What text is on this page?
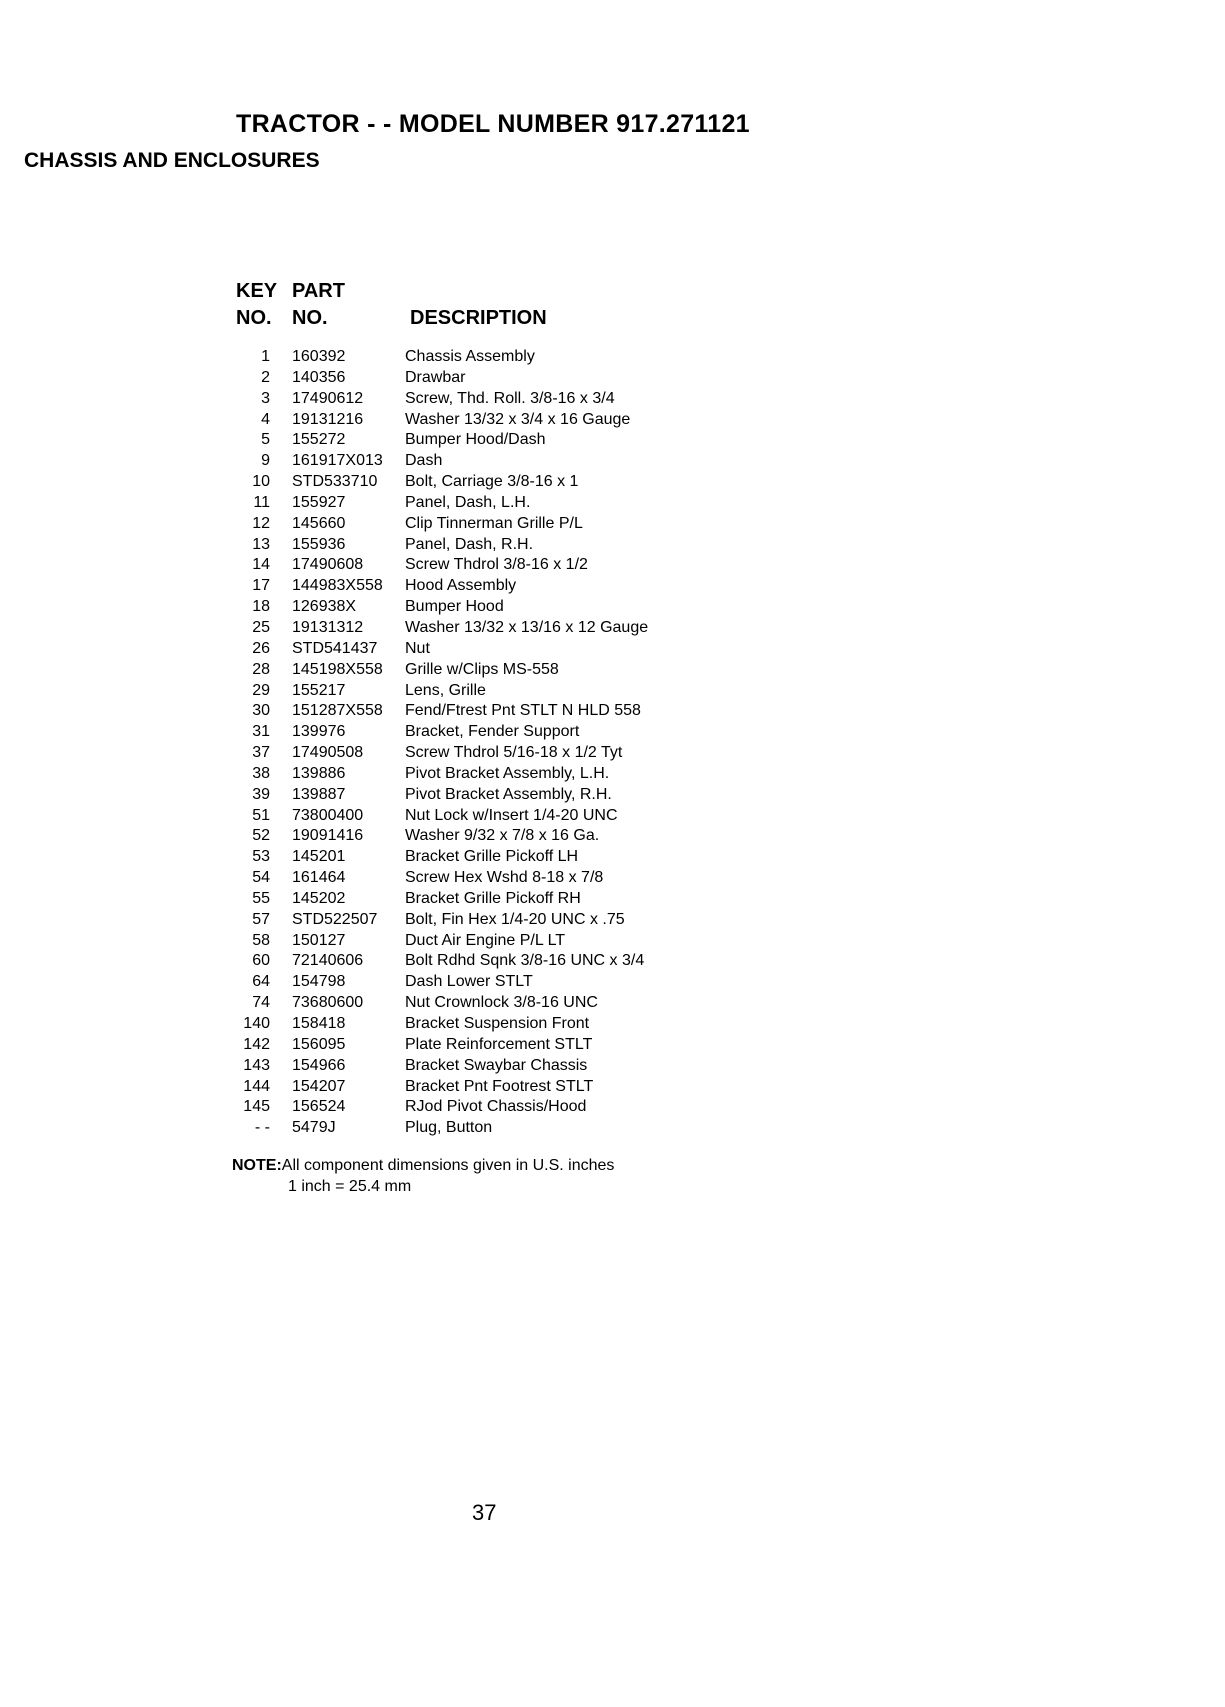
TRACTOR - - MODEL NUMBER 917.271121
CHASSIS AND ENCLOSURES
KEY
NO.
PART
NO.	DESCRIPTION
1 160392	Chassis Assembly
2 140356	Drawbar
3 17490612	Screw, Thd. Roll. 3/8-16 x 3/4
4 19131216	Washer 13/32 x 3/4 x 16 Gauge
5 155272	Bumper Hood/Dash
9 161917X013 Dash
10 STD533710 Bolt, Carriage 3/8-16 x 1
11 155927	Panel, Dash, L.H.
12 145660	Clip Tinnerman Grille P/L
13 155936	Panel, Dash, R.H.
14 17490608	Screw Thdrol 3/8-16 x 1/2
17 144983X558 Hood Assembly
18 126938X	Bumper Hood
25 19131312	Washer 13/32 x 13/16 x 12 Gauge
26 STD541437 Nut
28 145198X558 Grille w/Clips MS-558
29 155217	Lens, Grille
30 151287X558 Fend/Ftrest Pnt STLT N HLD 558
31 139976	Bracket, Fender Support
37 17490508	Screw Thdrol 5/16-18 x 1/2 Tyt
38 139886	Pivot Bracket Assembly, L.H.
39 139887	Pivot Bracket Assembly, R.H.
51 73800400	Nut Lock w/Insert 1/4-20 UNC
52 19091416	Washer 9/32 x 7/8 x 16 Ga.
53 145201	Bracket Grille Pickoff LH
54 161464	Screw Hex Wshd 8-18 x 7/8
55 145202	Bracket Grille Pickoff RH
57 STD522507 Bolt, Fin Hex 1/4-20 UNC x .75
58 150127	Duct Air Engine P/L LT
60 72140606	Bolt Rdhd Sqnk 3/8-16 UNC x 3/4
64 154798	Dash Lower STLT
74 73680600	Nut Crownlock 3/8-16 UNC
140 158418	Bracket Suspension Front
142 156095	Plate Reinforcement STLT
143 154966	Bracket Swaybar Chassis
144 154207	Bracket Pnt Footrest STLT
145 156524	RJod Pivot Chassis/Hood
- - 5479J	Plug, Button
NOTE:All component dimensions given in U.S. inches
1 inch = 25.4 mm
37
